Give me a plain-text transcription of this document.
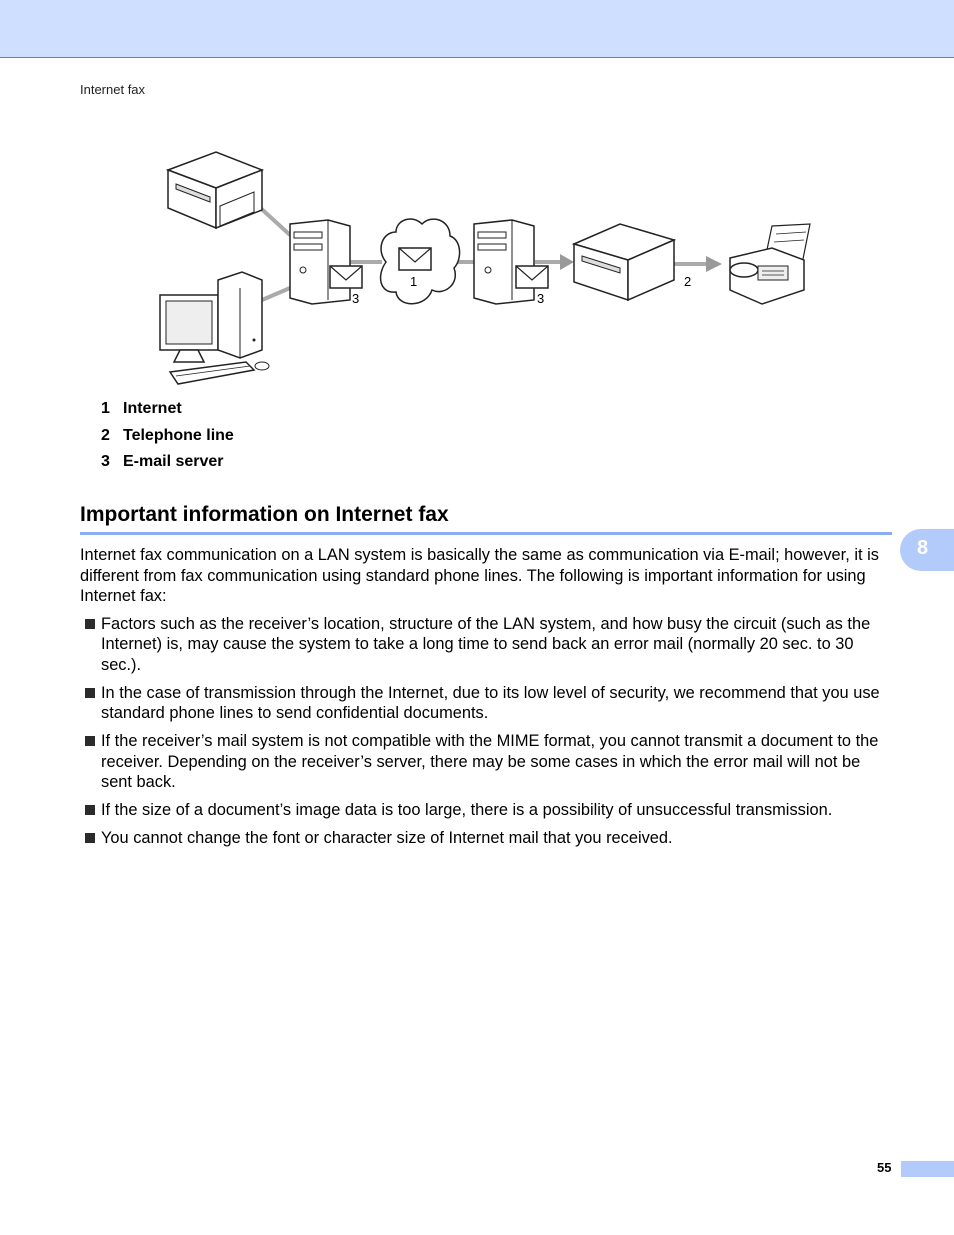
Internet fax
3
1
3
2
1 Internet
2 Telephone line
3 E-mail server
Important information on Internet fax
8

Internet fax communication on a LAN system is basically the same as communication via E-mail; however, it is different from fax communication using standard phone lines. The following is important information for using Internet fax:

Factors such as the receiver’s location, structure of the LAN system, and how busy the circuit (such as the Internet) is, may cause the system to take a long time to send back an error mail (normally 20 sec. to 30 sec.).
In the case of transmission through the Internet, due to its low level of security, we recommend that you use standard phone lines to send confidential documents.
If the receiver’s mail system is not compatible with the MIME format, you cannot transmit a document to the receiver. Depending on the receiver’s server, there may be some cases in which the error mail will not be sent back.
If the size of a document’s image data is too large, there is a possibility of unsuccessful transmission.
You cannot change the font or character size of Internet mail that you received.
55
